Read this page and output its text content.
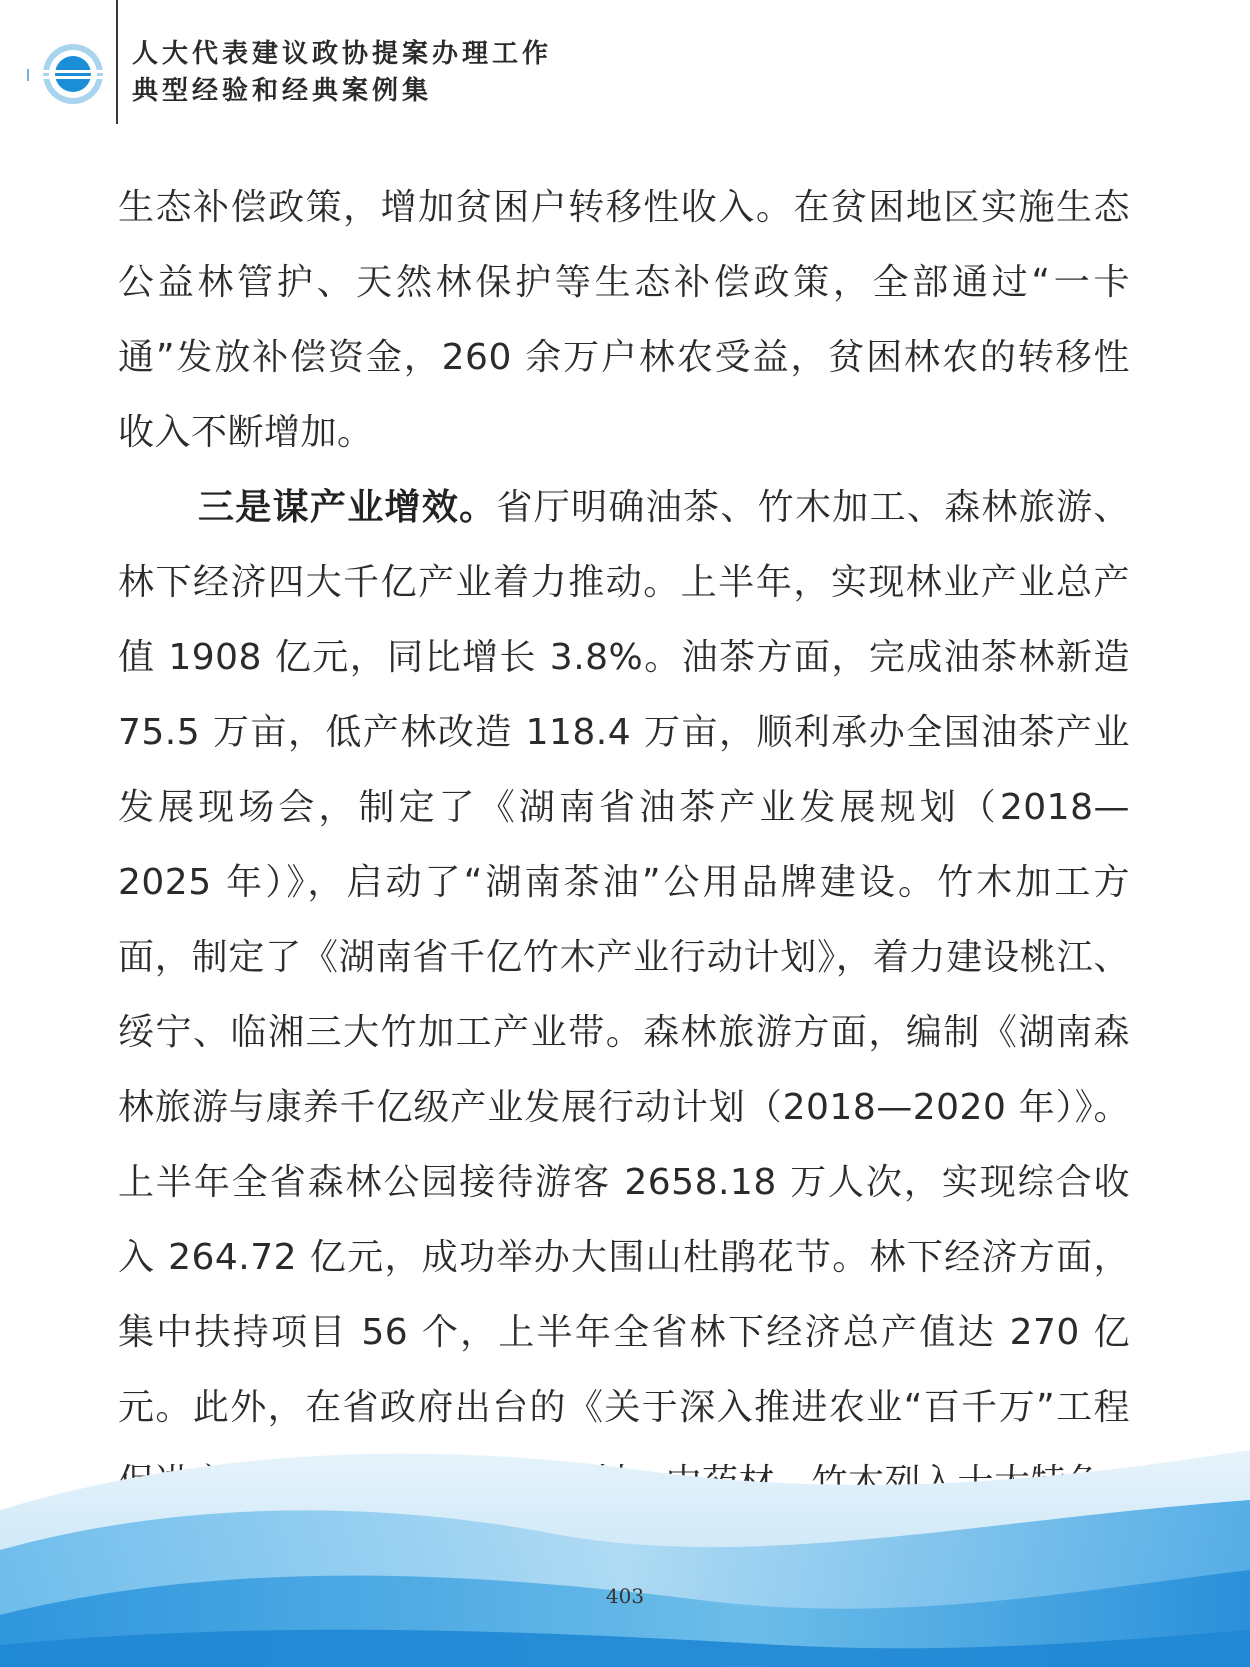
人大代表建议政协提案办理工作
典型经验和经典案例集

生态补偿政策，增加贫困户转移性收入。在贫困地区实施生态公益林管护、天然林保护等生态补偿政策，全部通过“一卡通”发放补偿资金，260 余万户林农受益，贫困林农的转移性收入不断增加。

三是谋产业增效。省厅明确油茶、竹木加工、森林旅游、林下经济四大千亿产业着力推动。上半年，实现林业产业总产值 1908 亿元，同比增长 3.8%。油茶方面，完成油茶林新造 75.5 万亩，低产林改造 118.4 万亩，顺利承办全国油茶产业发展现场会，制定了《湖南省油茶产业发展规划（2018—2025 年）》，启动了“湖南茶油”公用品牌建设。竹木加工方面，制定了《湖南省千亿竹木产业行动计划》，着力建设桃江、绥宁、临湘三大竹加工产业带。森林旅游方面，编制《湖南森林旅游与康养千亿级产业发展行动计划（2018—2020 年）》。上半年全省森林公园接待游客 2658.18 万人次，实现综合收入 264.72 亿元，成功举办大围山杜鹃花节。林下经济方面，集中扶持项目 56 个，上半年全省林下经济总产值达 270 亿元。此外，在省政府出台的《关于深入推进农业“百千万”工程 料、中药材、竹木列入十大特色

403
